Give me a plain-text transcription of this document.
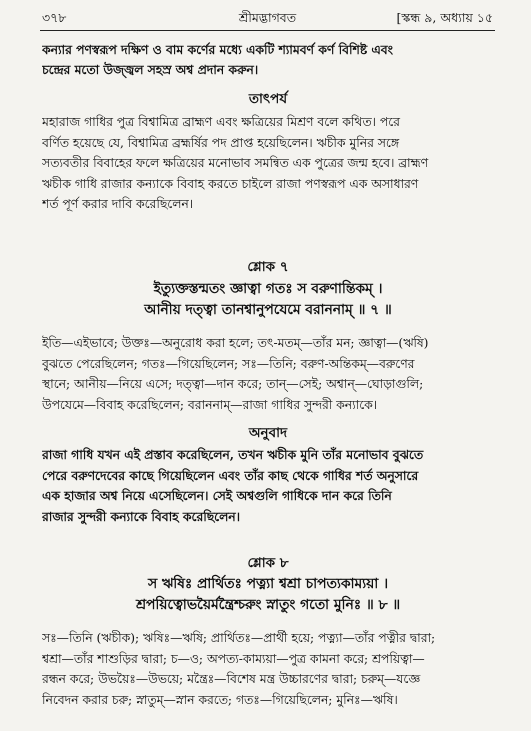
৩৭৮	শ্রীমদ্ভাগবত	[স্কন্ধ ৯, অধ্যায় ১৫

কন্যার পণস্বরূপ দক্ষিণ ও বাম কর্ণের মধ্যে একটি শ্যামবর্ণ কর্ণ বিশিষ্ট এবং

চন্দ্রের মতো উজ্জ্বল সহস্র অশ্ব প্রদান করুন।

তাৎপর্য

মহারাজ গাধির পুত্র বিশ্বামিত্র ব্রাহ্মণ এবং ক্ষত্রিয়ের মিশ্রণ বলে কথিত। পরে

বর্ণিত হয়েছে যে, বিশ্বামিত্র ব্রহ্মর্ষির পদ প্রাপ্ত হয়েছিলেন। ঋচীক মুনির সঙ্গে

সত্যবতীর বিবাহের ফলে ক্ষত্রিয়ের মনোভাব সমন্বিত এক পুত্রের জন্ম হবে। ব্রাহ্মণ

ঋচীক গাধি রাজার কন্যাকে বিবাহ করতে চাইলে রাজা পণস্বরূপ এক অসাধারণ

শর্ত পূর্ণ করার দাবি করেছিলেন।

শ্লোক ৭

ইত্যুক্তস্তন্মতং জ্ঞাত্বা গতঃ স বরুণান্তিকম্ ।

আনীয় দত্ত্বা তানশ্বানুপযেমে বরাননাম্ ॥ ৭ ॥

ইতি—এইভাবে; উক্তঃ—অনুরোধ করা হলে; তৎ-মতম্—তাঁর মন; জ্ঞাত্বা—(ঋষি)

বুঝতে পেরেছিলেন; গতঃ—গিয়েছিলেন; সঃ—তিনি; বরুণ-অন্তিকম্—বরুণের

স্থানে; আনীয়—নিয়ে এসে; দত্ত্বা—দান করে; তান্—সেই; অশ্বান্—ঘোড়াগুলি;

উপযেমে—বিবাহ করেছিলেন; বরাননাম্—রাজা গাধির সুন্দরী কন্যাকে।

অনুবাদ

রাজা গাধি যখন এই প্রস্তাব করেছিলেন, তখন ঋচীক মুনি তাঁর মনোভাব বুঝতে

পেরে বরুণদেবের কাছে গিয়েছিলেন এবং তাঁর কাছ থেকে গাধির শর্ত অনুসারে

এক হাজার অশ্ব নিয়ে এসেছিলেন। সেই অশ্বগুলি গাধিকে দান করে তিনি

রাজার সুন্দরী কন্যাকে বিবাহ করেছিলেন।

শ্লোক ৮

স ঋষিঃ প্রার্থিতঃ পত্ন্যা শ্বশ্রা চাপত্যকাম্যয়া ।

শ্রপয়িত্বোভয়ৈর্মন্ত্রৈশ্চরুং স্নাতুং গতো মুনিঃ ॥ ৮ ॥

সঃ—তিনি (ঋচীক); ঋষিঃ—ঋষি; প্রার্থিতঃ—প্রার্থী হয়ে; পত্ন্যা—তাঁর পত্নীর দ্বারা;

শ্বশ্রা—তাঁর শাশুড়ির দ্বারা; চ—ও; অপত্য-কাম্যয়া—পুত্র কামনা করে; শ্রপয়িত্বা—

রন্ধন করে; উভয়ৈঃ—উভয়ে; মন্ত্রৈঃ—বিশেষ মন্ত্র উচ্চারণের দ্বারা; চরুম্—যজ্ঞে

নিবেদন করার চরু; স্নাতুম্—স্নান করতে; গতঃ—গিয়েছিলেন; মুনিঃ—ঋষি।
